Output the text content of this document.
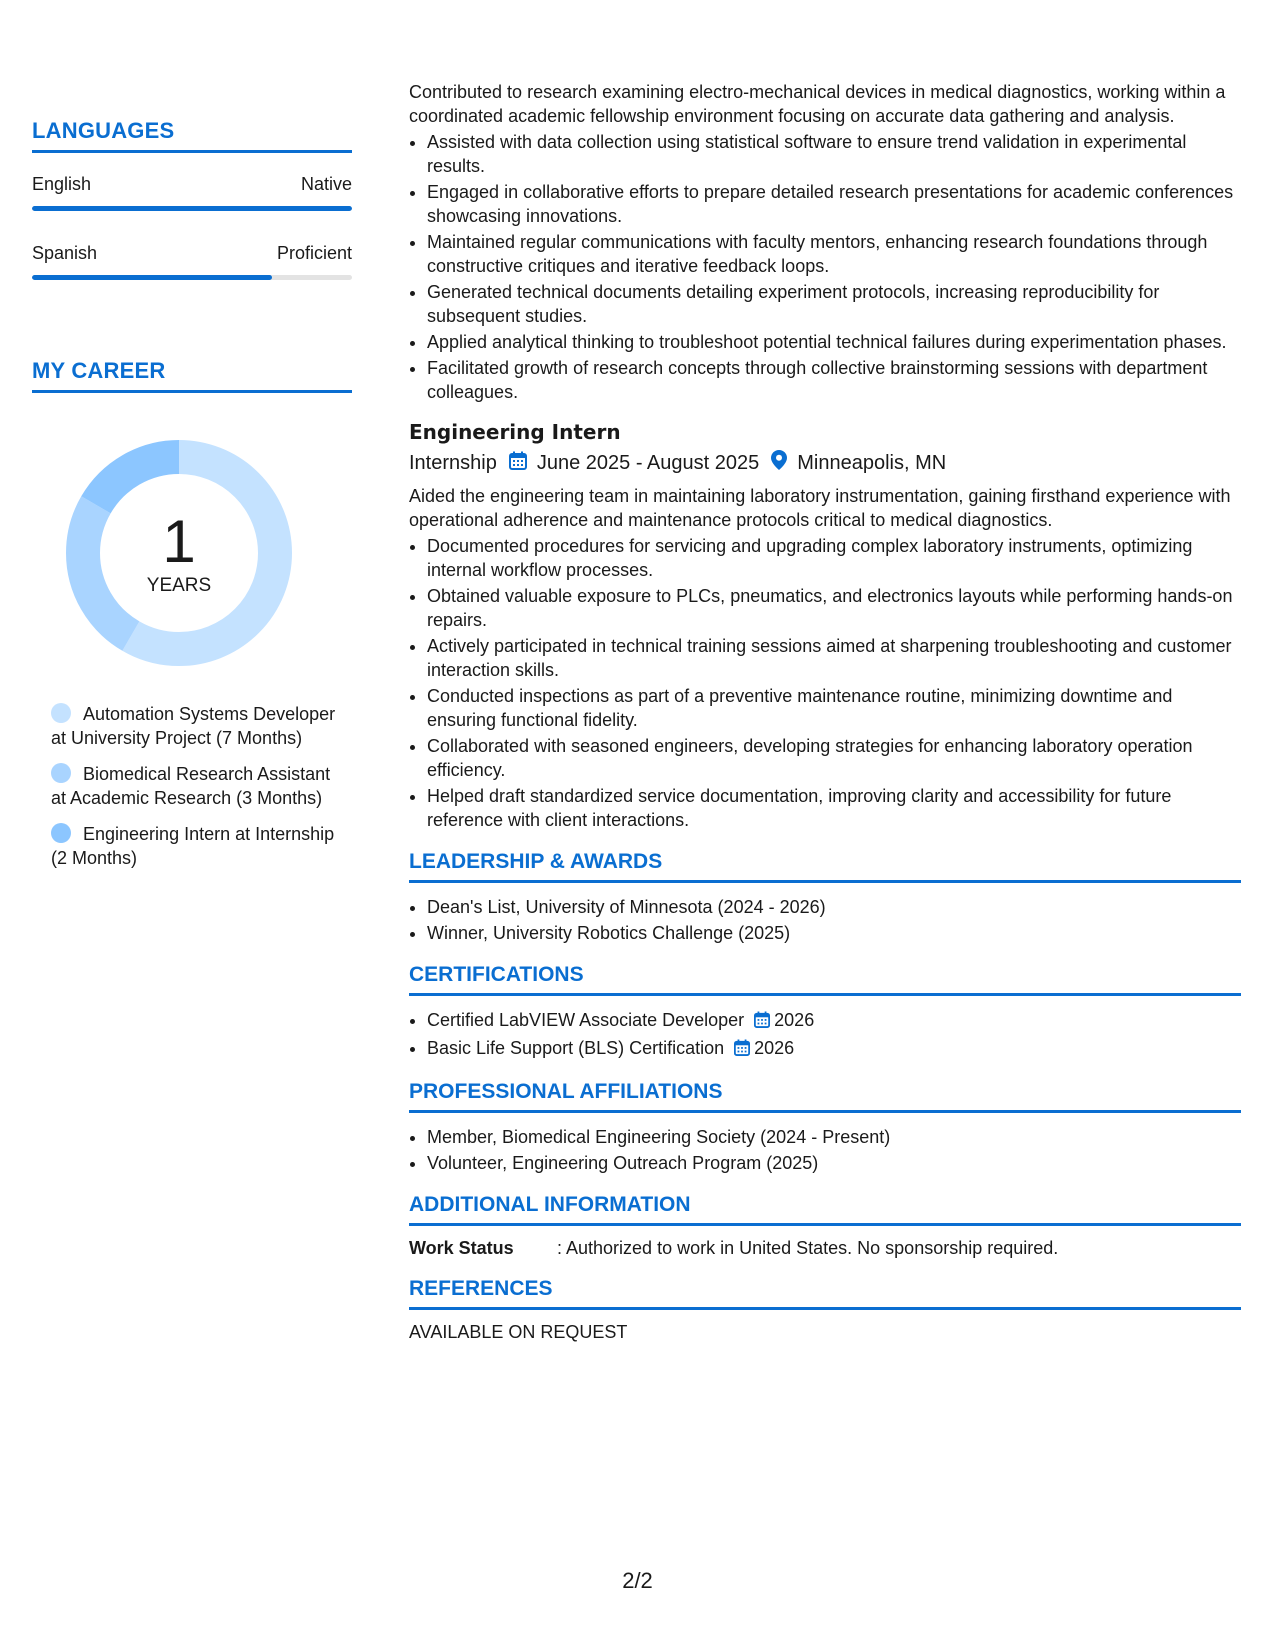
LANGUAGES
English	Native
Spanish	Proficient
MY CAREER
1
YEARS
Automation Systems Developer at University Project (7 Months)
Biomedical Research Assistant at Academic Research (3 Months)
Engineering Intern at Internship (2 Months)

Contributed to research examining electro-mechanical devices in medical diagnostics, working within a coordinated academic fellowship environment focusing on accurate data gathering and analysis.

• Assisted with data collection using statistical software to ensure trend validation in experimental results.
• Engaged in collaborative efforts to prepare detailed research presentations for academic conferences showcasing innovations.
• Maintained regular communications with faculty mentors, enhancing research foundations through constructive critiques and iterative feedback loops.
• Generated technical documents detailing experiment protocols, increasing reproducibility for subsequent studies.
• Applied analytical thinking to troubleshoot potential technical failures during experimentation phases.
• Facilitated growth of research concepts through collective brainstorming sessions with department colleagues.
Engineering Intern
Internship June 2025 - August 2025 Minneapolis, MN

Aided the engineering team in maintaining laboratory instrumentation, gaining firsthand experience with operational adherence and maintenance protocols critical to medical diagnostics.

• Documented procedures for servicing and upgrading complex laboratory instruments, optimizing internal workflow processes.
• Obtained valuable exposure to PLCs, pneumatics, and electronics layouts while performing hands-on repairs.
• Actively participated in technical training sessions aimed at sharpening troubleshooting and customer interaction skills.
• Conducted inspections as part of a preventive maintenance routine, minimizing downtime and ensuring functional fidelity.
• Collaborated with seasoned engineers, developing strategies for enhancing laboratory operation efficiency.
• Helped draft standardized service documentation, improving clarity and accessibility for future reference with client interactions.
LEADERSHIP & AWARDS
• Dean's List, University of Minnesota (2024 - 2026)
• Winner, University Robotics Challenge (2025)
CERTIFICATIONS
• Certified LabVIEW Associate Developer 2026
• Basic Life Support (BLS) Certification 2026
PROFESSIONAL AFFILIATIONS
• Member, Biomedical Engineering Society (2024 - Present)
• Volunteer, Engineering Outreach Program (2025)
ADDITIONAL INFORMATION
Work Status	: Authorized to work in United States. No sponsorship required.
REFERENCES
AVAILABLE ON REQUEST
2/2
